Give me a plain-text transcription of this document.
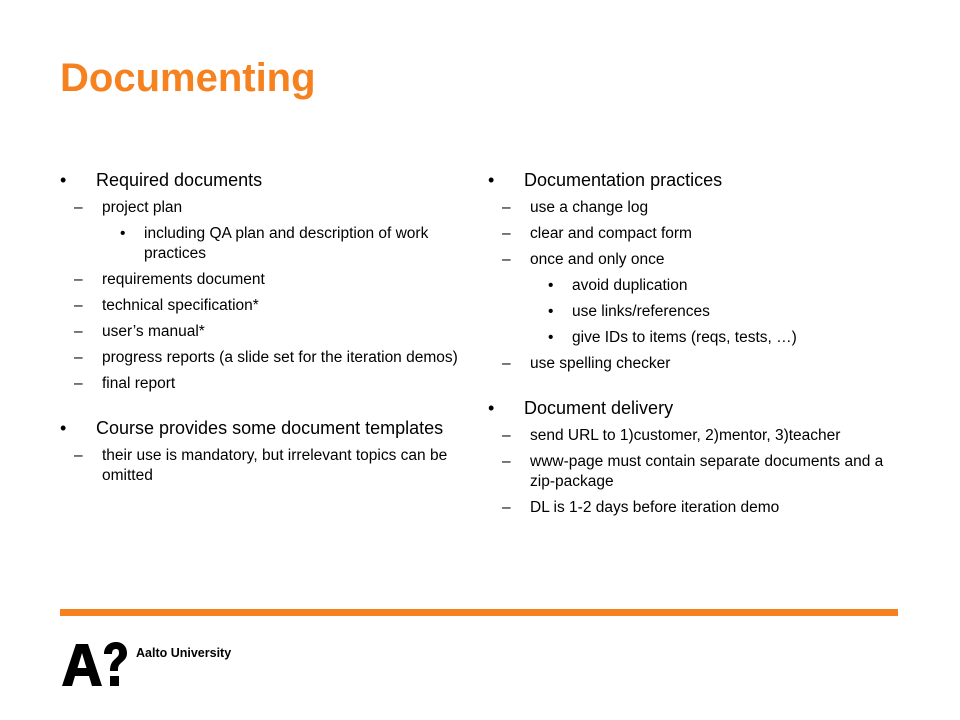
Documenting
• Required documents
– project plan
• including QA plan and description of work practices
– requirements document
– technical specification*
– user’s manual*
– progress reports (a slide set for the iteration demos)
– final report
• Course provides some document templates
– their use is mandatory, but irrelevant topics can be omitted
• Documentation practices
– use a change log
– clear and compact form
– once and only once
• avoid duplication
• use links/references
• give IDs to items (reqs, tests, …)
– use spelling checker
• Document delivery
– send URL to 1)customer, 2)mentor, 3)teacher
– www-page must contain separate documents and a zip-package
– DL is 1-2 days before iteration demo
Aalto University
